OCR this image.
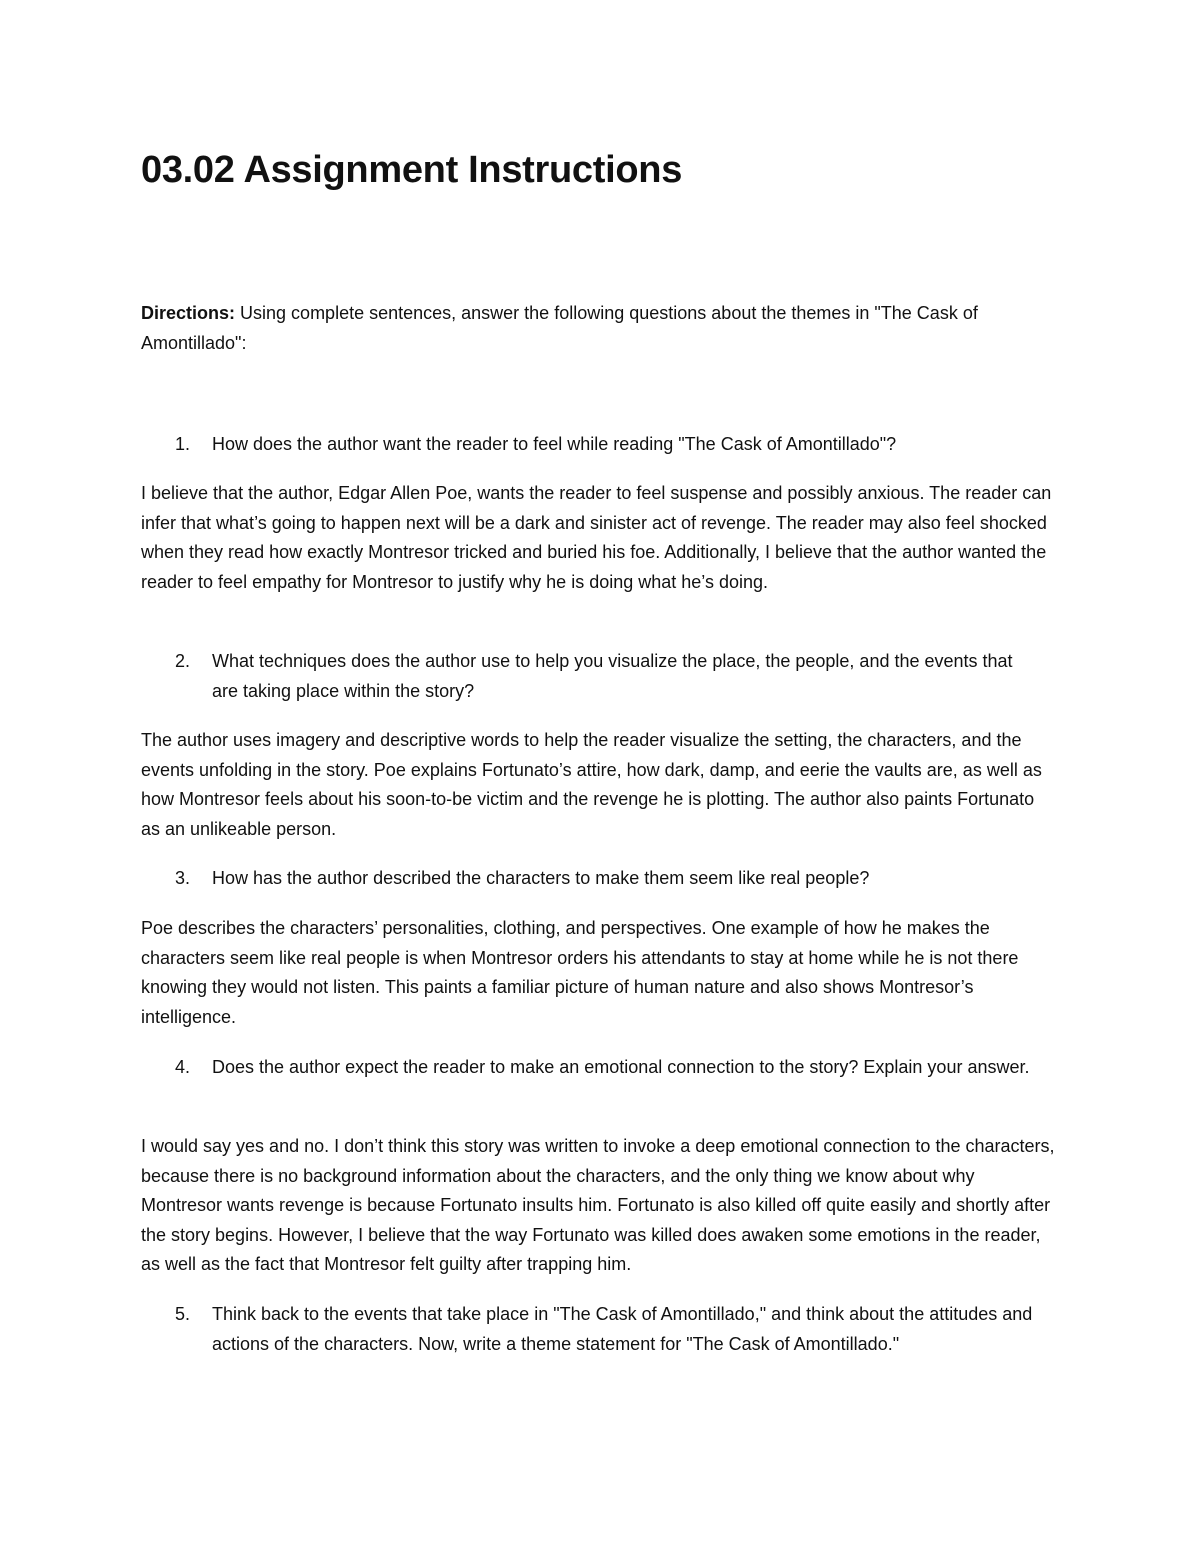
03.02 Assignment Instructions

Directions: Using complete sentences, answer the following questions about the themes in "The Cask of Amontillado":

1.	How does the author want the reader to feel while reading "The Cask of Amontillado"?

I believe that the author, Edgar Allen Poe, wants the reader to feel suspense and possibly anxious. The reader can infer that what’s going to happen next will be a dark and sinister act of revenge. The reader may also feel shocked when they read how exactly Montresor tricked and buried his foe. Additionally, I believe that the author wanted the reader to feel empathy for Montresor to justify why he is doing what he’s doing.

2.	What techniques does the author use to help you visualize the place, the people, and the events that are taking place within the story?

The author uses imagery and descriptive words to help the reader visualize the setting, the characters, and the events unfolding in the story. Poe explains Fortunato’s attire, how dark, damp, and eerie the vaults are, as well as how Montresor feels about his soon-to-be victim and the revenge he is plotting. The author also paints Fortunato as an unlikeable person.

3.	How has the author described the characters to make them seem like real people?

Poe describes the characters’ personalities, clothing, and perspectives. One example of how he makes the characters seem like real people is when Montresor orders his attendants to stay at home while he is not there knowing they would not listen. This paints a familiar picture of human nature and also shows Montresor’s intelligence.

4.	Does the author expect the reader to make an emotional connection to the story? Explain your answer.

I would say yes and no. I don’t think this story was written to invoke a deep emotional connection to the characters, because there is no background information about the characters, and the only thing we know about why Montresor wants revenge is because Fortunato insults him. Fortunato is also killed off quite easily and shortly after the story begins. However, I believe that the way Fortunato was killed does awaken some emotions in the reader, as well as the fact that Montresor felt guilty after trapping him.

5.	Think back to the events that take place in "The Cask of Amontillado," and think about the attitudes and actions of the characters. Now, write a theme statement for "The Cask of Amontillado."
